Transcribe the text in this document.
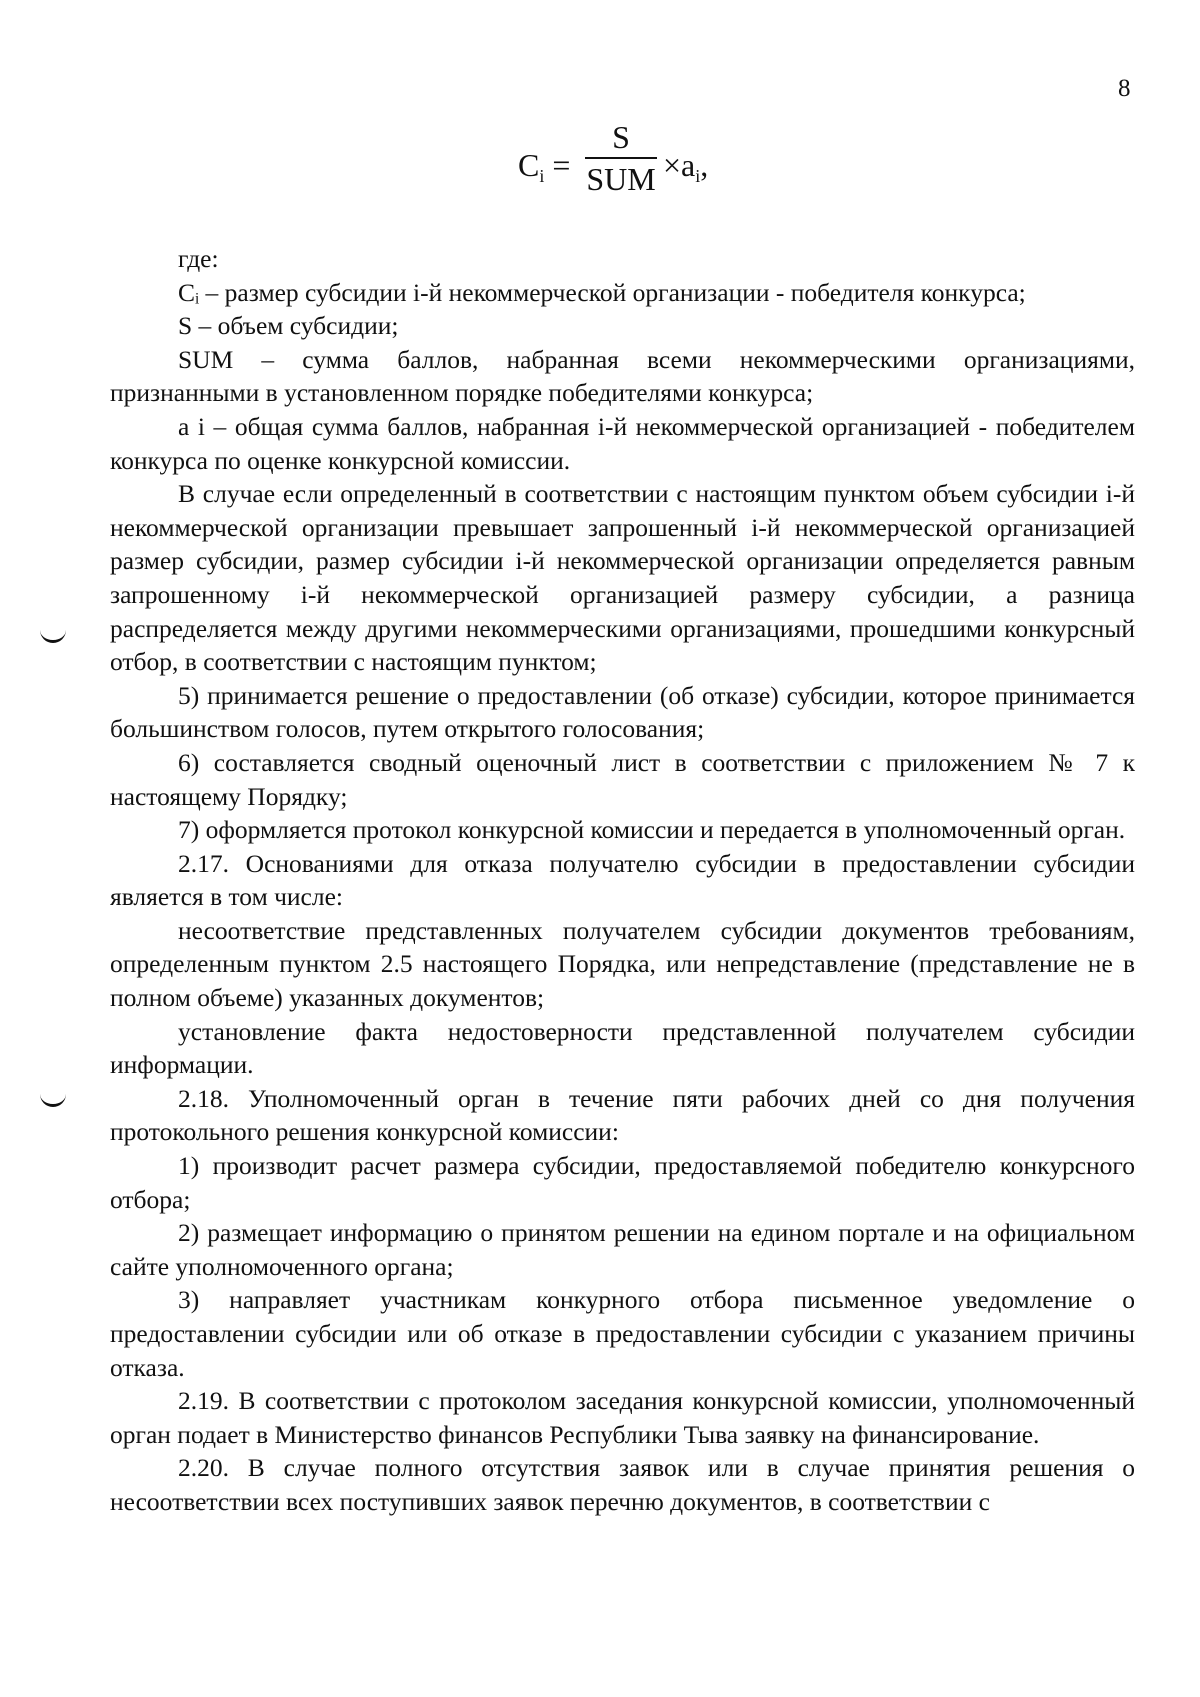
8
$C_i$ =
S
SUM $\times a_i$,

где:

Cᵢ – размер субсидии i-й некоммерческой организации - победителя конкурса;

S – объем субсидии;

SUM – сумма баллов, набранная всеми некоммерческими организациями, признанными в установленном порядке победителями конкурса;

a i – общая сумма баллов, набранная i-й некоммерческой организацией - победителем конкурса по оценке конкурсной комиссии.

В случае если определенный в соответствии с настоящим пунктом объем субсидии i-й некоммерческой организации превышает запрошенный i-й некоммерческой организацией размер субсидии, размер субсидии i-й некоммерческой организации определяется равным запрошенному i-й некоммерческой организацией размеру субсидии, а разница распределяется между другими некоммерческими организациями, прошедшими конкурсный отбор, в соответствии с настоящим пунктом;

5) принимается решение о предоставлении (об отказе) субсидии, которое принимается большинством голосов, путем открытого голосования;

6) составляется сводный оценочный лист в соответствии с приложением № 7 к настоящему Порядку;

7) оформляется протокол конкурсной комиссии и передается в уполномоченный орган.

2.17. Основаниями для отказа получателю субсидии в предоставлении субсидии является в том числе:

несоответствие представленных получателем субсидии документов требованиям, определенным пунктом 2.5 настоящего Порядка, или непредставление (представление не в полном объеме) указанных документов;

установление факта недостоверности представленной получателем субсидии информации.

2.18. Уполномоченный орган в течение пяти рабочих дней со дня получения протокольного решения конкурсной комиссии:

1) производит расчет размера субсидии, предоставляемой победителю конкурсного отбора;

2) размещает информацию о принятом решении на едином портале и на официальном сайте уполномоченного органа;

3) направляет участникам конкурного отбора письменное уведомление о предоставлении субсидии или об отказе в предоставлении субсидии с указанием причины отказа.

2.19. В соответствии с протоколом заседания конкурсной комиссии, уполномоченный орган подает в Министерство финансов Республики Тыва заявку на финансирование.

2.20. В случае полного отсутствия заявок или в случае принятия решения о несоответствии всех поступивших заявок перечню документов, в соответствии с
